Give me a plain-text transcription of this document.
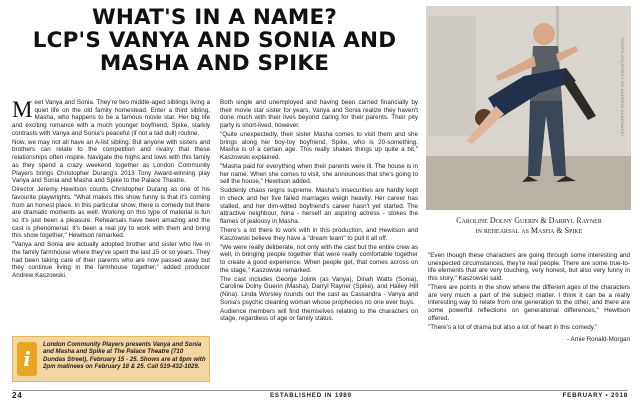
WHAT'S IN A NAME?
LCP'S VANYA AND SONIA AND
MASHA AND SPIKE

Meet Vanya and Sonia. They're two middle-aged siblings living a quiet life on the old family homestead. Enter a third sibling, Masha, who happens to be a famous movie star. Her big life and exciting romance with a much younger boyfriend, Spike, starkly contrasts with Vanya and Sonia's peaceful (if not a tad dull) routine.

Now, we may not all have an A-list sibling. But anyone with sisters and brothers can relate to the competition and rivalry that these relationships often inspire. Navigate the highs and lows with this family as they spend a crazy weekend together as London Community Players brings Christopher Durang's 2013 Tony Award-winning play Vanya and Sonia and Masha and Spike to the Palace Theatre.

Director Jeremy Hewitson counts Christopher Durang as one of his favourite playwrights. "What makes this show funny is that it's coming from an honest place. In this particular show, there is comedy but there are dramatic moments as well. Working on this type of material is fun so it's just been a pleasure. Rehearsals have been amazing and the cast is phenomenal. It's been a real joy to work with them and bring this show together," Hewitson remarked.

"Vanya and Sonia are actually adopted brother and sister who live in the family farmhouse where they've spent the last 15 or so years. They had been taking care of their parents who are now passed away but they continue living in the farmhouse together," added producer Andrew Kaszowski.

Both single and unemployed and having been carried financially by their movie star sister for years, Vanya and Sonia realize they haven't done much with their lives beyond caring for their parents. Their pity party is short-lived, however.

"Quite unexpectedly, their sister Masha comes to visit them and she brings along her boy-toy boyfriend, Spike, who is 20-something. Masha is of a certain age. This really shakes things up quite a bit," Kaszowski explained.

"Masha paid for everything when their parents were ill. The house is in her name. When she comes to visit, she announces that she's going to sell the house," Hewitson added.

Suddenly chaos reigns supreme. Masha's insecurities are hardly kept in check and her five failed marriages weigh heavily. Her career has stalled, and her dim-witted boyfriend's career hasn't yet started. The attractive neighbour, Nina - herself an aspiring actress - stokes the flames of jealousy in Masha.

There's a lot there to work with in this production, and Hewitson and Kaszowski believe they have a "dream team" to pull it all off.

"We were really deliberate, not only with the cast but the entire crew as well, in bringing people together that were really comfortable together to create a good experience. When people get, that comes across on the stage," Kaszowski remarked.

The cast includes George Jolink (as Vanya), Dinah Watts (Sonia), Caroline Dolny Guerin (Masha), Darryl Rayner (Spike), and Hailey Hill (Nina). Linda Worsley rounds out the cast as Cassandra - Vanya and Sonia's psychic cleaning woman whose prophecies no one ever buys.

Audience members will find themselves relating to the characters on stage, regardless of age or family status.

PHOTO COURTESY OF ANDREW KASZOWSKI
Caroline Dolny Guerin & Darryl Rayner
in rehearsal as Masha & Spike

"Even though these characters are going through some interesting and unexpected circumstances, they're real people. There are some true-to-life elements that are very touching, very honest, but also very funny in this story," Kaszowski said.

"There are points in the show where the different ages of the characters are very much a part of the subject matter. I think it can be a really interesting way to relate from one generation to the other, and there are some powerful reflections on generational differences," Hewitson offered.

"There's a lot of drama but also a lot of heart in this comedy."

- Amie Ronald-Morgan

i
London Community Players presents Vanya and Sonia and Masha and Spike at The Palace Theatre (710 Dundas Street), February 15 - 25. Shows are at 8pm with 2pm matinees on February 18 & 25. Call 519-432-1029.
24	ESTABLISHED IN 1989	FEBRUARY • 2018
